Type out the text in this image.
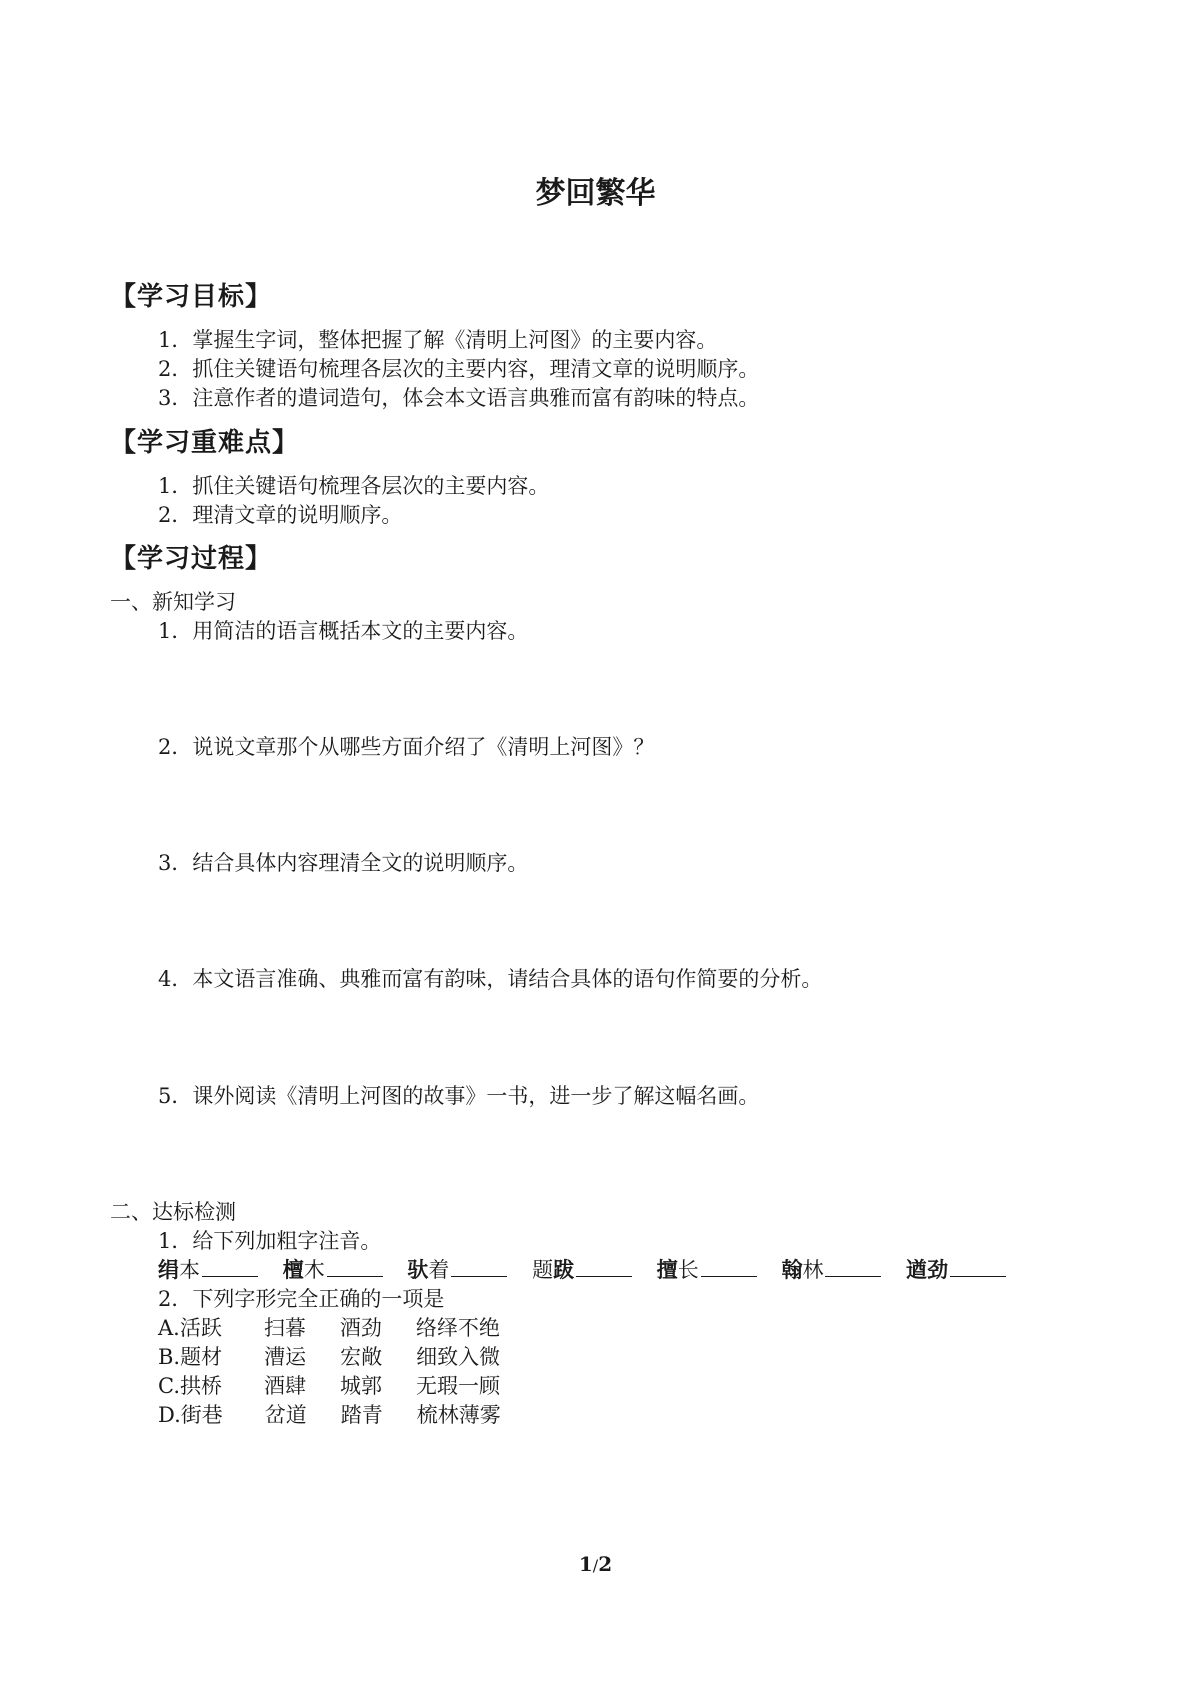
梦回繁华
【学习目标】
1．掌握生字词，整体把握了解《清明上河图》的主要内容。
2．抓住关键语句梳理各层次的主要内容，理清文章的说明顺序。
3．注意作者的遣词造句，体会本文语言典雅而富有韵味的特点。
【学习重难点】
1．抓住关键语句梳理各层次的主要内容。
2．理清文章的说明顺序。
【学习过程】
一、新知学习
1．用简洁的语言概括本文的主要内容。
2．说说文章那个从哪些方面介绍了《清明上河图》？
3．结合具体内容理清全文的说明顺序。
4．本文语言准确、典雅而富有韵味，请结合具体的语句作简要的分析。
5．课外阅读《清明上河图的故事》一书，进一步了解这幅名画。
二、达标检测
1．给下列加粗字注音。
绢本	檀木	驮着	题跋	擅长	翰林	遒劲
2．下列字形完全正确的一项是
A.活跃 扫暮 酒劲 络绎不绝
B.题材 漕运 宏敞 细致入微
C.拱桥 酒肆 城郭 无瑕一顾
D.街巷 岔道 踏青 梳林薄雾
1/2
